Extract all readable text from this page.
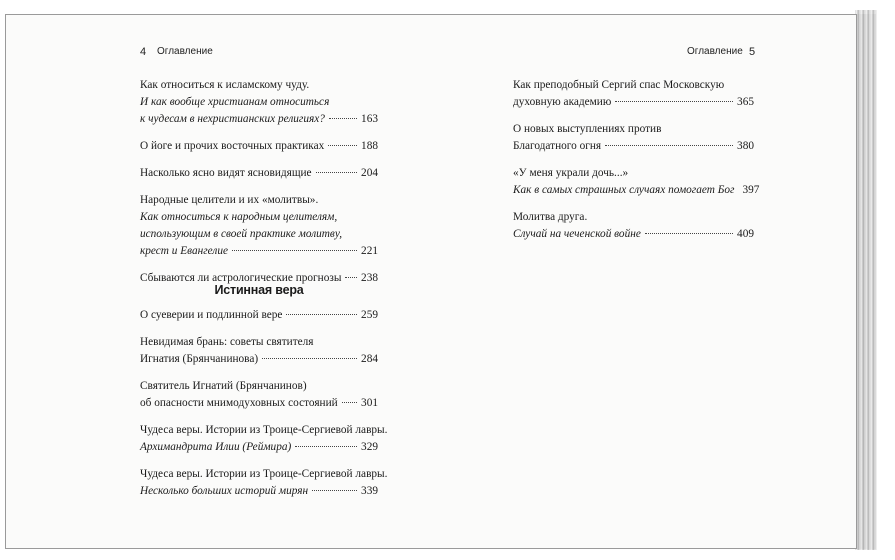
4 Оглавление	Оглавление 5
Как относиться к исламскому чуду.
И как вообще христианам относиться
к чудесам в нехристианских религиях?	163
О йоге и прочих восточных практиках	188
Насколько ясно видят ясновидящие	204
Народные целители и их «молитвы».
Как относиться к народным целителям,
использующим в своей практике молитву,
крест и Евангелие	221
Сбываются ли астрологические прогнозы 238
Истинная вера
О суеверии и подлинной вере	259
Невидимая брань: советы святителя
Игнатия (Брянчанинова)	284
Святитель Игнатий (Брянчанинов)
об опасности мнимодуховных состояний 301
Чудеса веры. Истории из Троице-Сергиевой лавры.
Архимандрита Илии (Реймира)	329
Чудеса веры. Истории из Троице-Сергиевой лавры.
Несколько больших историй мирян	339
Как преподобный Сергий спас Московскую
духовную академию	365
О новых выступлениях против
Благодатного огня	380
«У меня украли дочь...»
Как в самых страшных случаях помогает Бог 397
Молитва друга.
Случай на чеченской войне	409
